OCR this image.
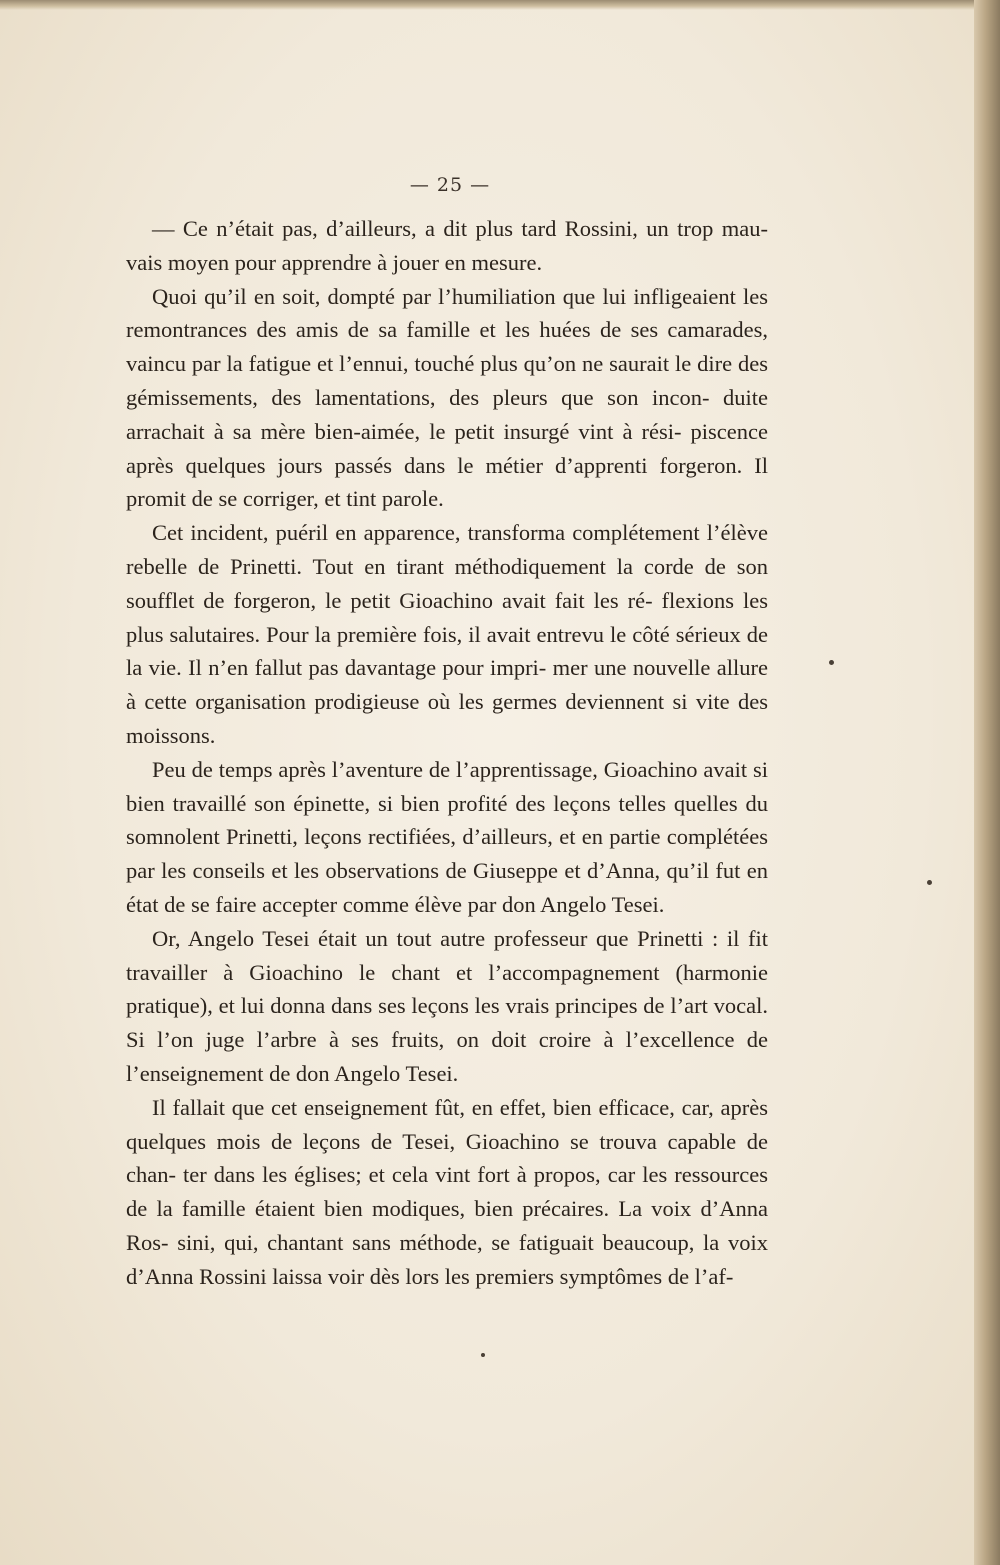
— 25 —

— Ce n’était pas, d’ailleurs, a dit plus tard Rossini, un trop mau- vais moyen pour apprendre à jouer en mesure.

Quoi qu’il en soit, dompté par l’humiliation que lui infligeaient les remontrances des amis de sa famille et les huées de ses camarades, vaincu par la fatigue et l’ennui, touché plus qu’on ne saurait le dire des gémissements, des lamentations, des pleurs que son incon- duite arrachait à sa mère bien-aimée, le petit insurgé vint à rési- piscence après quelques jours passés dans le métier d’apprenti forgeron. Il promit de se corriger, et tint parole.

Cet incident, puéril en apparence, transforma complétement l’élève rebelle de Prinetti. Tout en tirant méthodiquement la corde de son soufflet de forgeron, le petit Gioachino avait fait les ré- flexions les plus salutaires. Pour la première fois, il avait entrevu le côté sérieux de la vie. Il n’en fallut pas davantage pour impri- mer une nouvelle allure à cette organisation prodigieuse où les germes deviennent si vite des moissons.

Peu de temps après l’aventure de l’apprentissage, Gioachino avait si bien travaillé son épinette, si bien profité des leçons telles quelles du somnolent Prinetti, leçons rectifiées, d’ailleurs, et en partie complétées par les conseils et les observations de Giuseppe et d’Anna, qu’il fut en état de se faire accepter comme élève par don Angelo Tesei.

Or, Angelo Tesei était un tout autre professeur que Prinetti : il fit travailler à Gioachino le chant et l’accompagnement (harmonie pratique), et lui donna dans ses leçons les vrais principes de l’art vocal. Si l’on juge l’arbre à ses fruits, on doit croire à l’excellence de l’enseignement de don Angelo Tesei.

Il fallait que cet enseignement fût, en effet, bien efficace, car, après quelques mois de leçons de Tesei, Gioachino se trouva capable de chan- ter dans les églises; et cela vint fort à propos, car les ressources de la famille étaient bien modiques, bien précaires. La voix d’Anna Ros- sini, qui, chantant sans méthode, se fatiguait beaucoup, la voix d’Anna Rossini laissa voir dès lors les premiers symptômes de l’af-
